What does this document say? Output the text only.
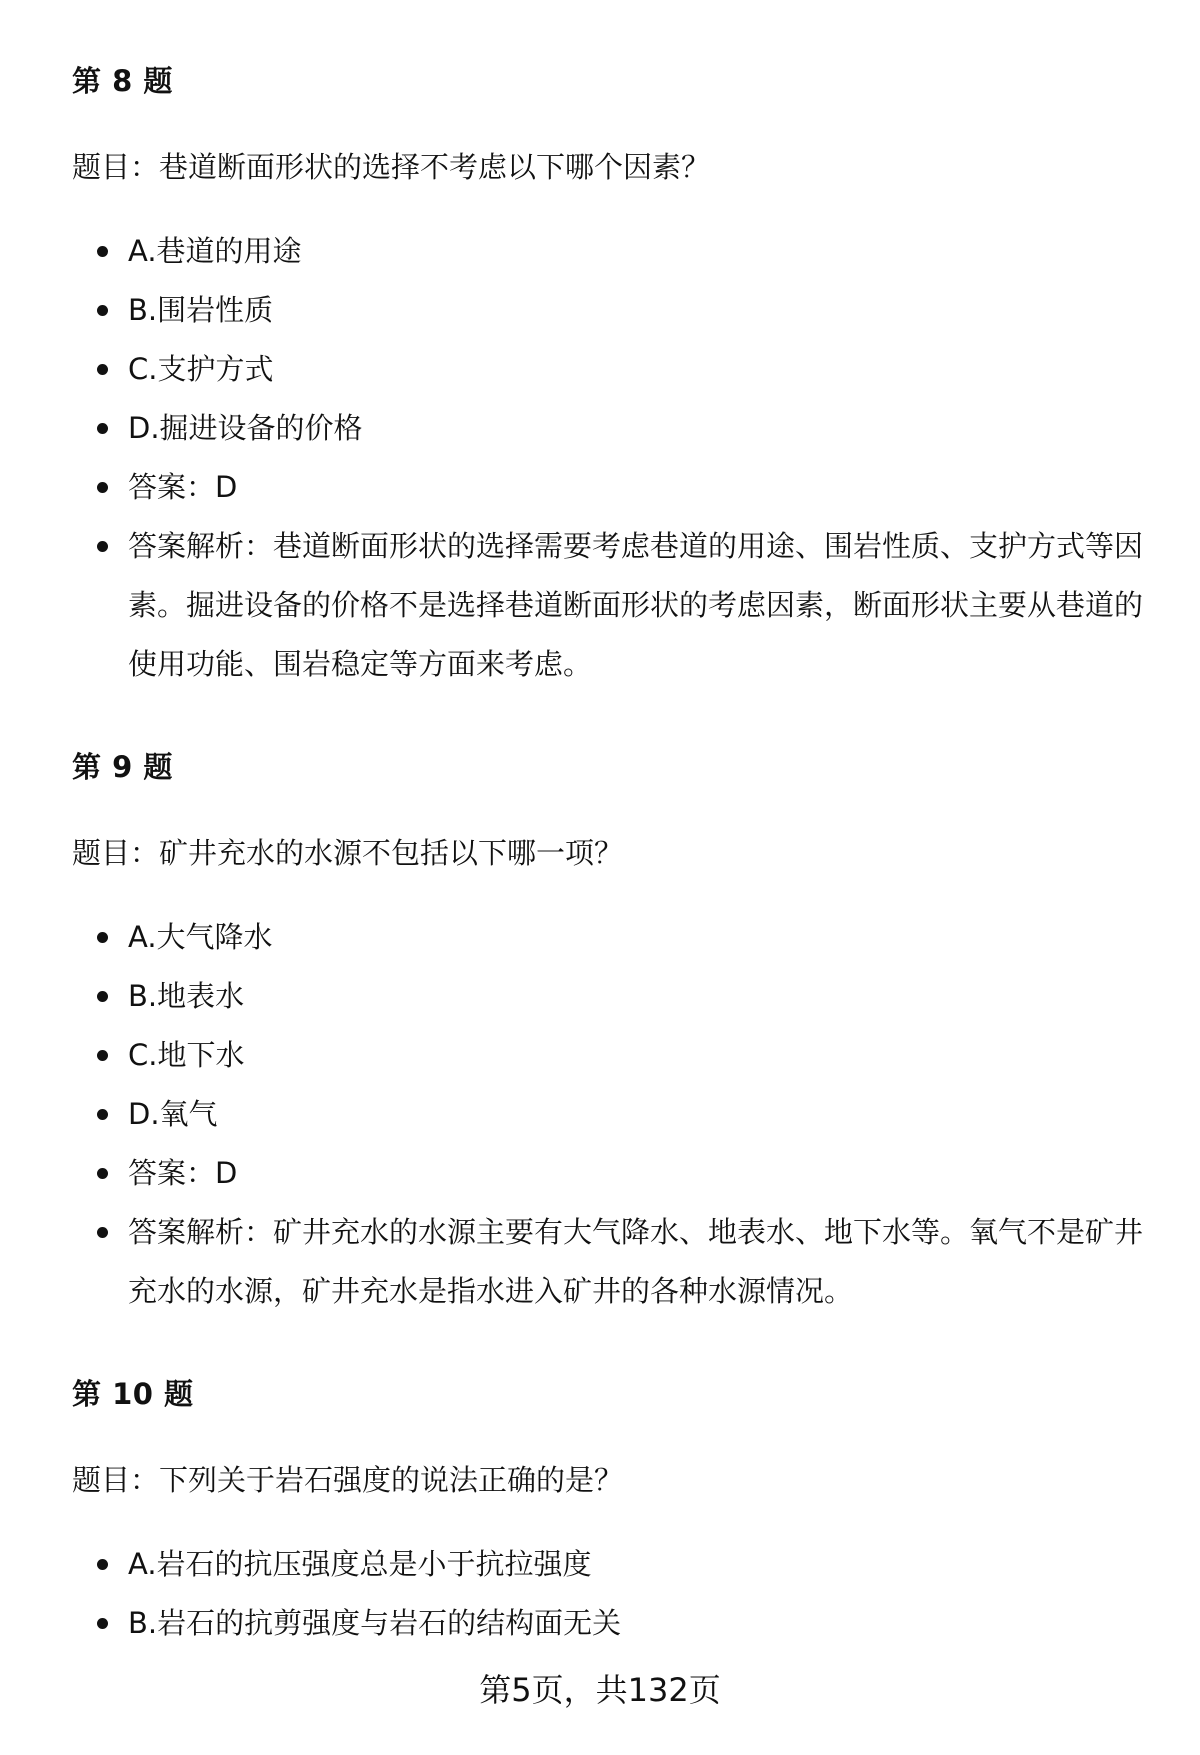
第 8 题
题目：巷道断面形状的选择不考虑以下哪个因素？
A.巷道的用途
B.围岩性质
C.支护方式
D.掘进设备的价格
答案：D
答案解析：巷道断面形状的选择需要考虑巷道的用途、围岩性质、支护方式等因素。掘进设备的价格不是选择巷道断面形状的考虑因素，断面形状主要从巷道的使用功能、围岩稳定等方面来考虑。
第 9 题
题目：矿井充水的水源不包括以下哪一项？
A.大气降水
B.地表水
C.地下水
D.氧气
答案：D
答案解析：矿井充水的水源主要有大气降水、地表水、地下水等。氧气不是矿井充水的水源，矿井充水是指水进入矿井的各种水源情况。
第 10 题
题目：下列关于岩石强度的说法正确的是？
A.岩石的抗压强度总是小于抗拉强度
B.岩石的抗剪强度与岩石的结构面无关
第5页，共132页
